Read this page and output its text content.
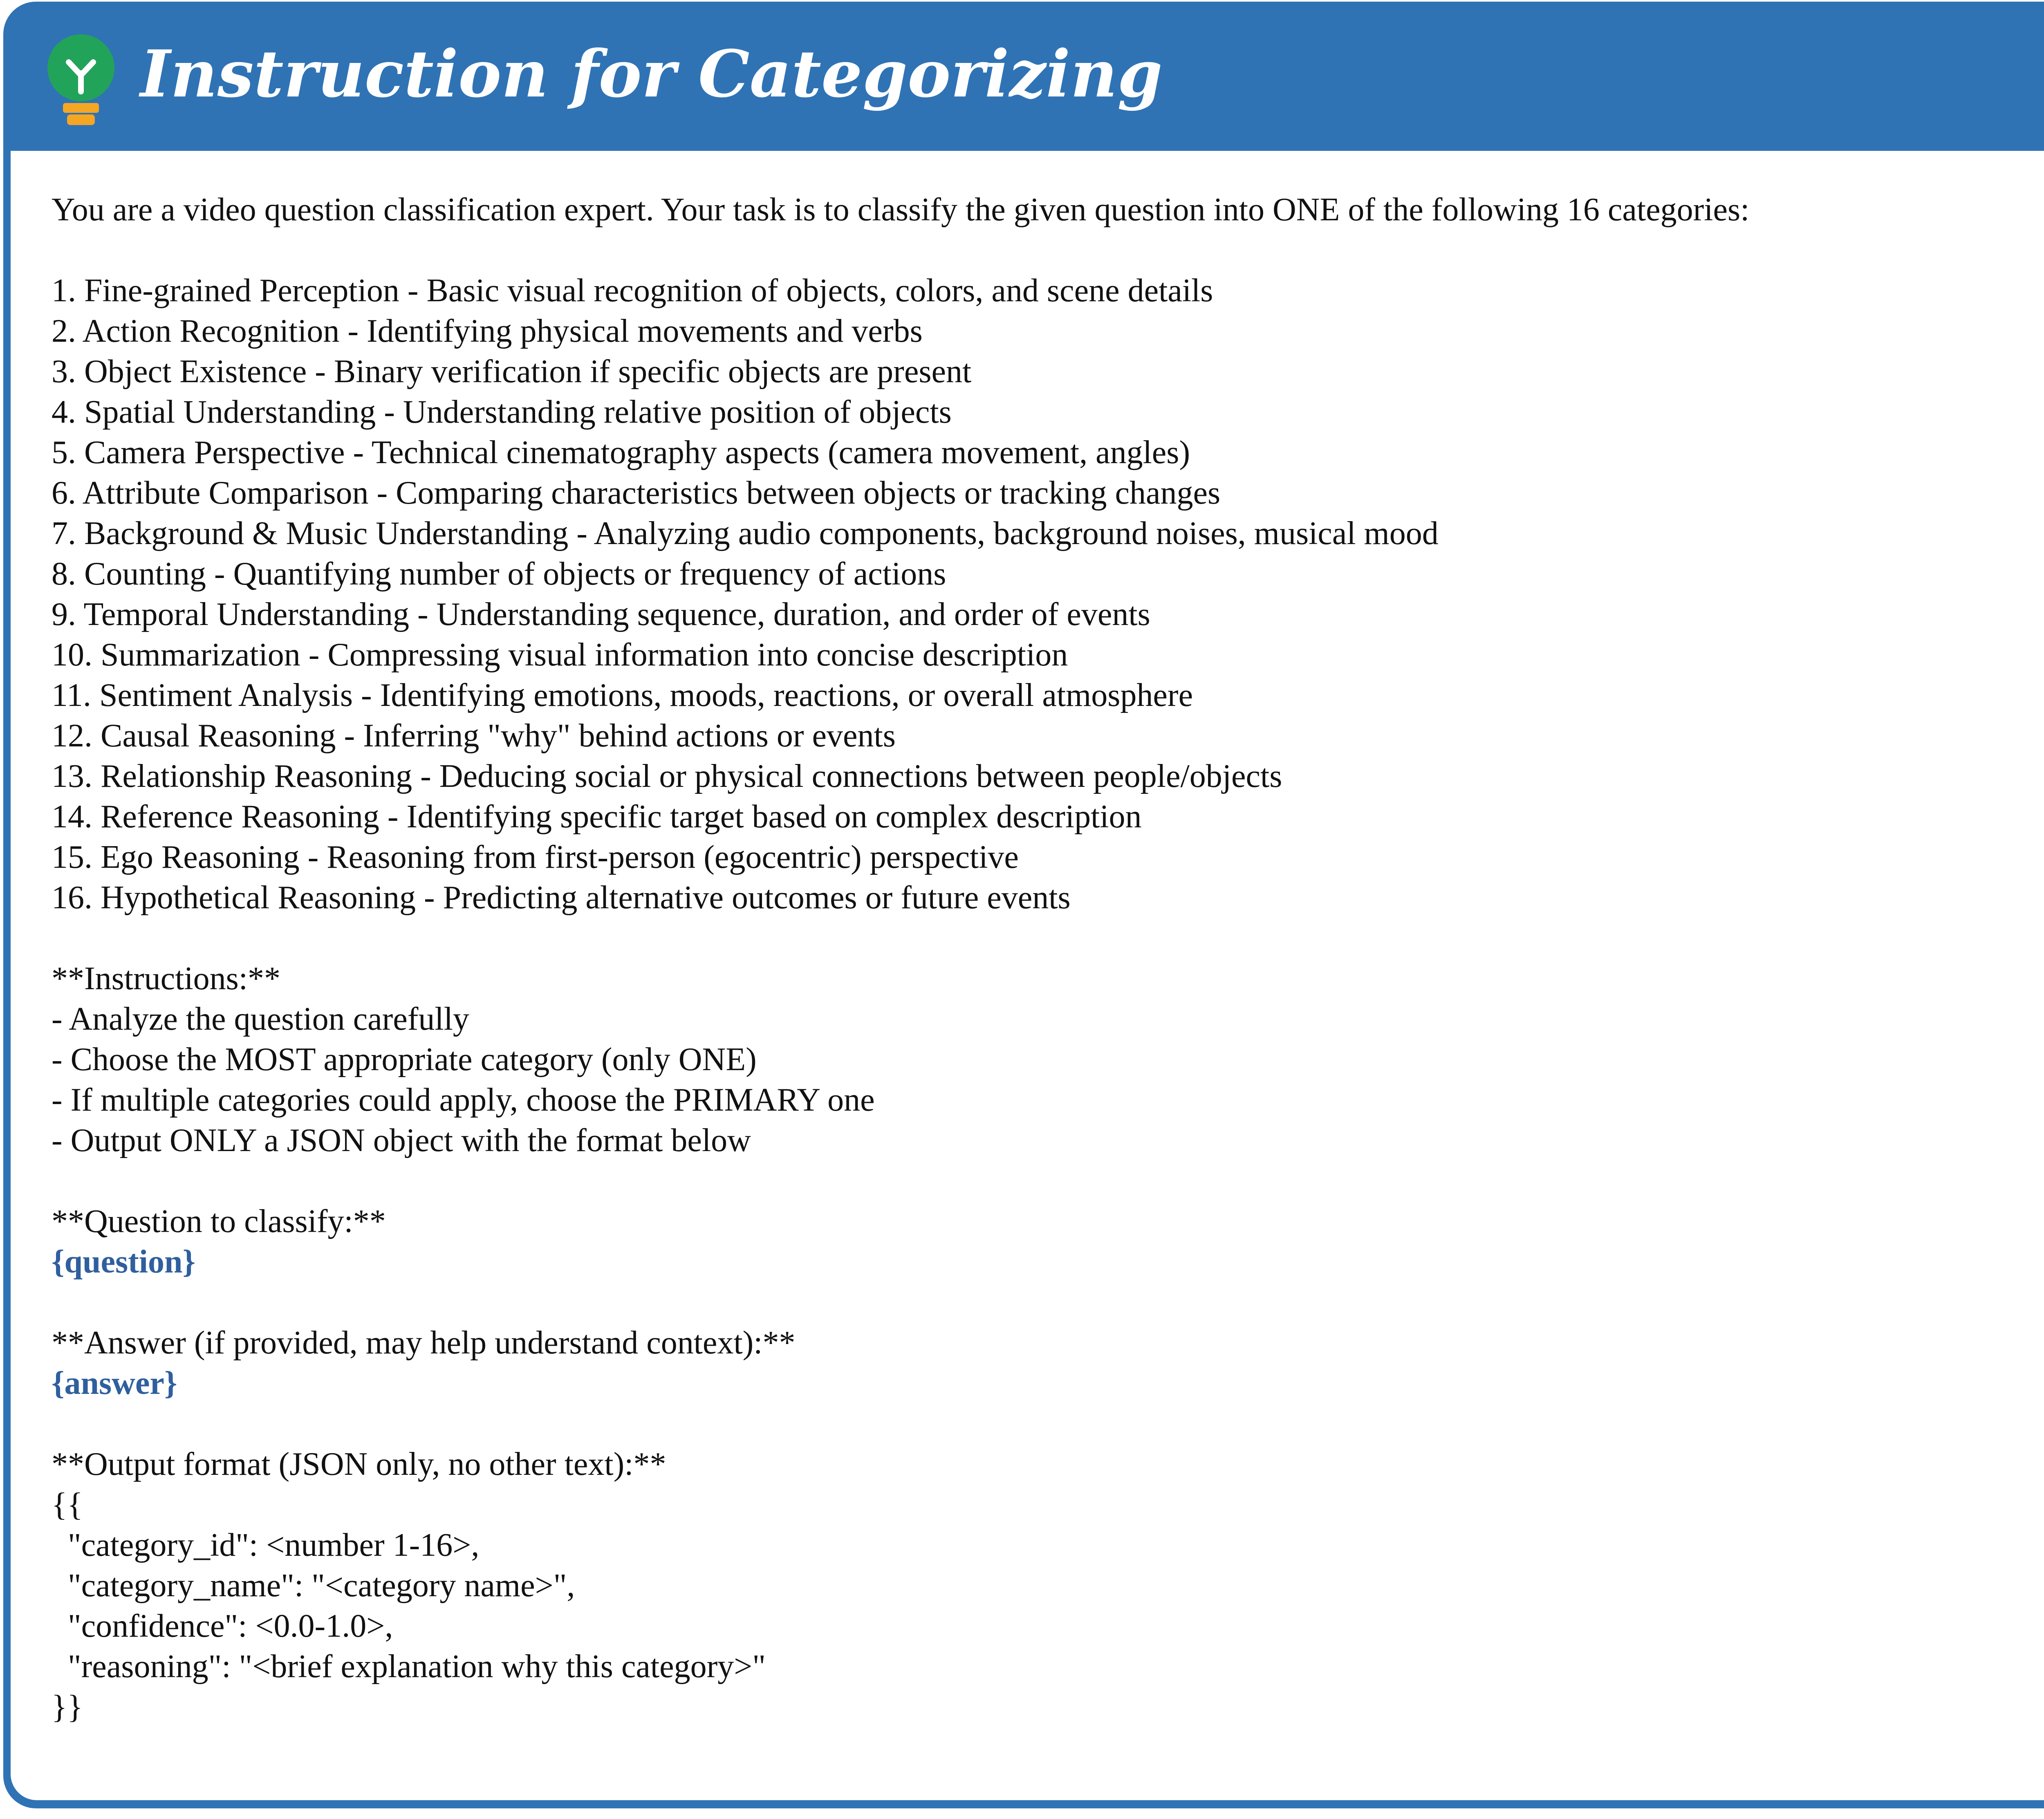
Instruction for Categorizing

You are a video question classification expert. Your task is to classify the given question into ONE of the following 16 categories:

1. Fine-grained Perception - Basic visual recognition of objects, colors, and scene details

2. Action Recognition - Identifying physical movements and verbs

3. Object Existence - Binary verification if specific objects are present

4. Spatial Understanding - Understanding relative position of objects

5. Camera Perspective - Technical cinematography aspects (camera movement, angles)

6. Attribute Comparison - Comparing characteristics between objects or tracking changes

7. Background & Music Understanding - Analyzing audio components, background noises, musical mood

8. Counting - Quantifying number of objects or frequency of actions

9. Temporal Understanding - Understanding sequence, duration, and order of events

10. Summarization - Compressing visual information into concise description

11. Sentiment Analysis - Identifying emotions, moods, reactions, or overall atmosphere

12. Causal Reasoning - Inferring "why" behind actions or events

13. Relationship Reasoning - Deducing social or physical connections between people/objects

14. Reference Reasoning - Identifying specific target based on complex description

15. Ego Reasoning - Reasoning from first-person (egocentric) perspective

16. Hypothetical Reasoning - Predicting alternative outcomes or future events

**Instructions:**

- Analyze the question carefully

- Choose the MOST appropriate category (only ONE)

- If multiple categories could apply, choose the PRIMARY one

- Output ONLY a JSON object with the format below

**Question to classify:**

{question}

**Answer (if provided, may help understand context):**

{answer}

**Output format (JSON only, no other text):**

{{

"category_id": <number 1-16>,

"category_name": "<category name>",

"confidence": <0.0-1.0>,

"reasoning": "<brief explanation why this category>"

}}
